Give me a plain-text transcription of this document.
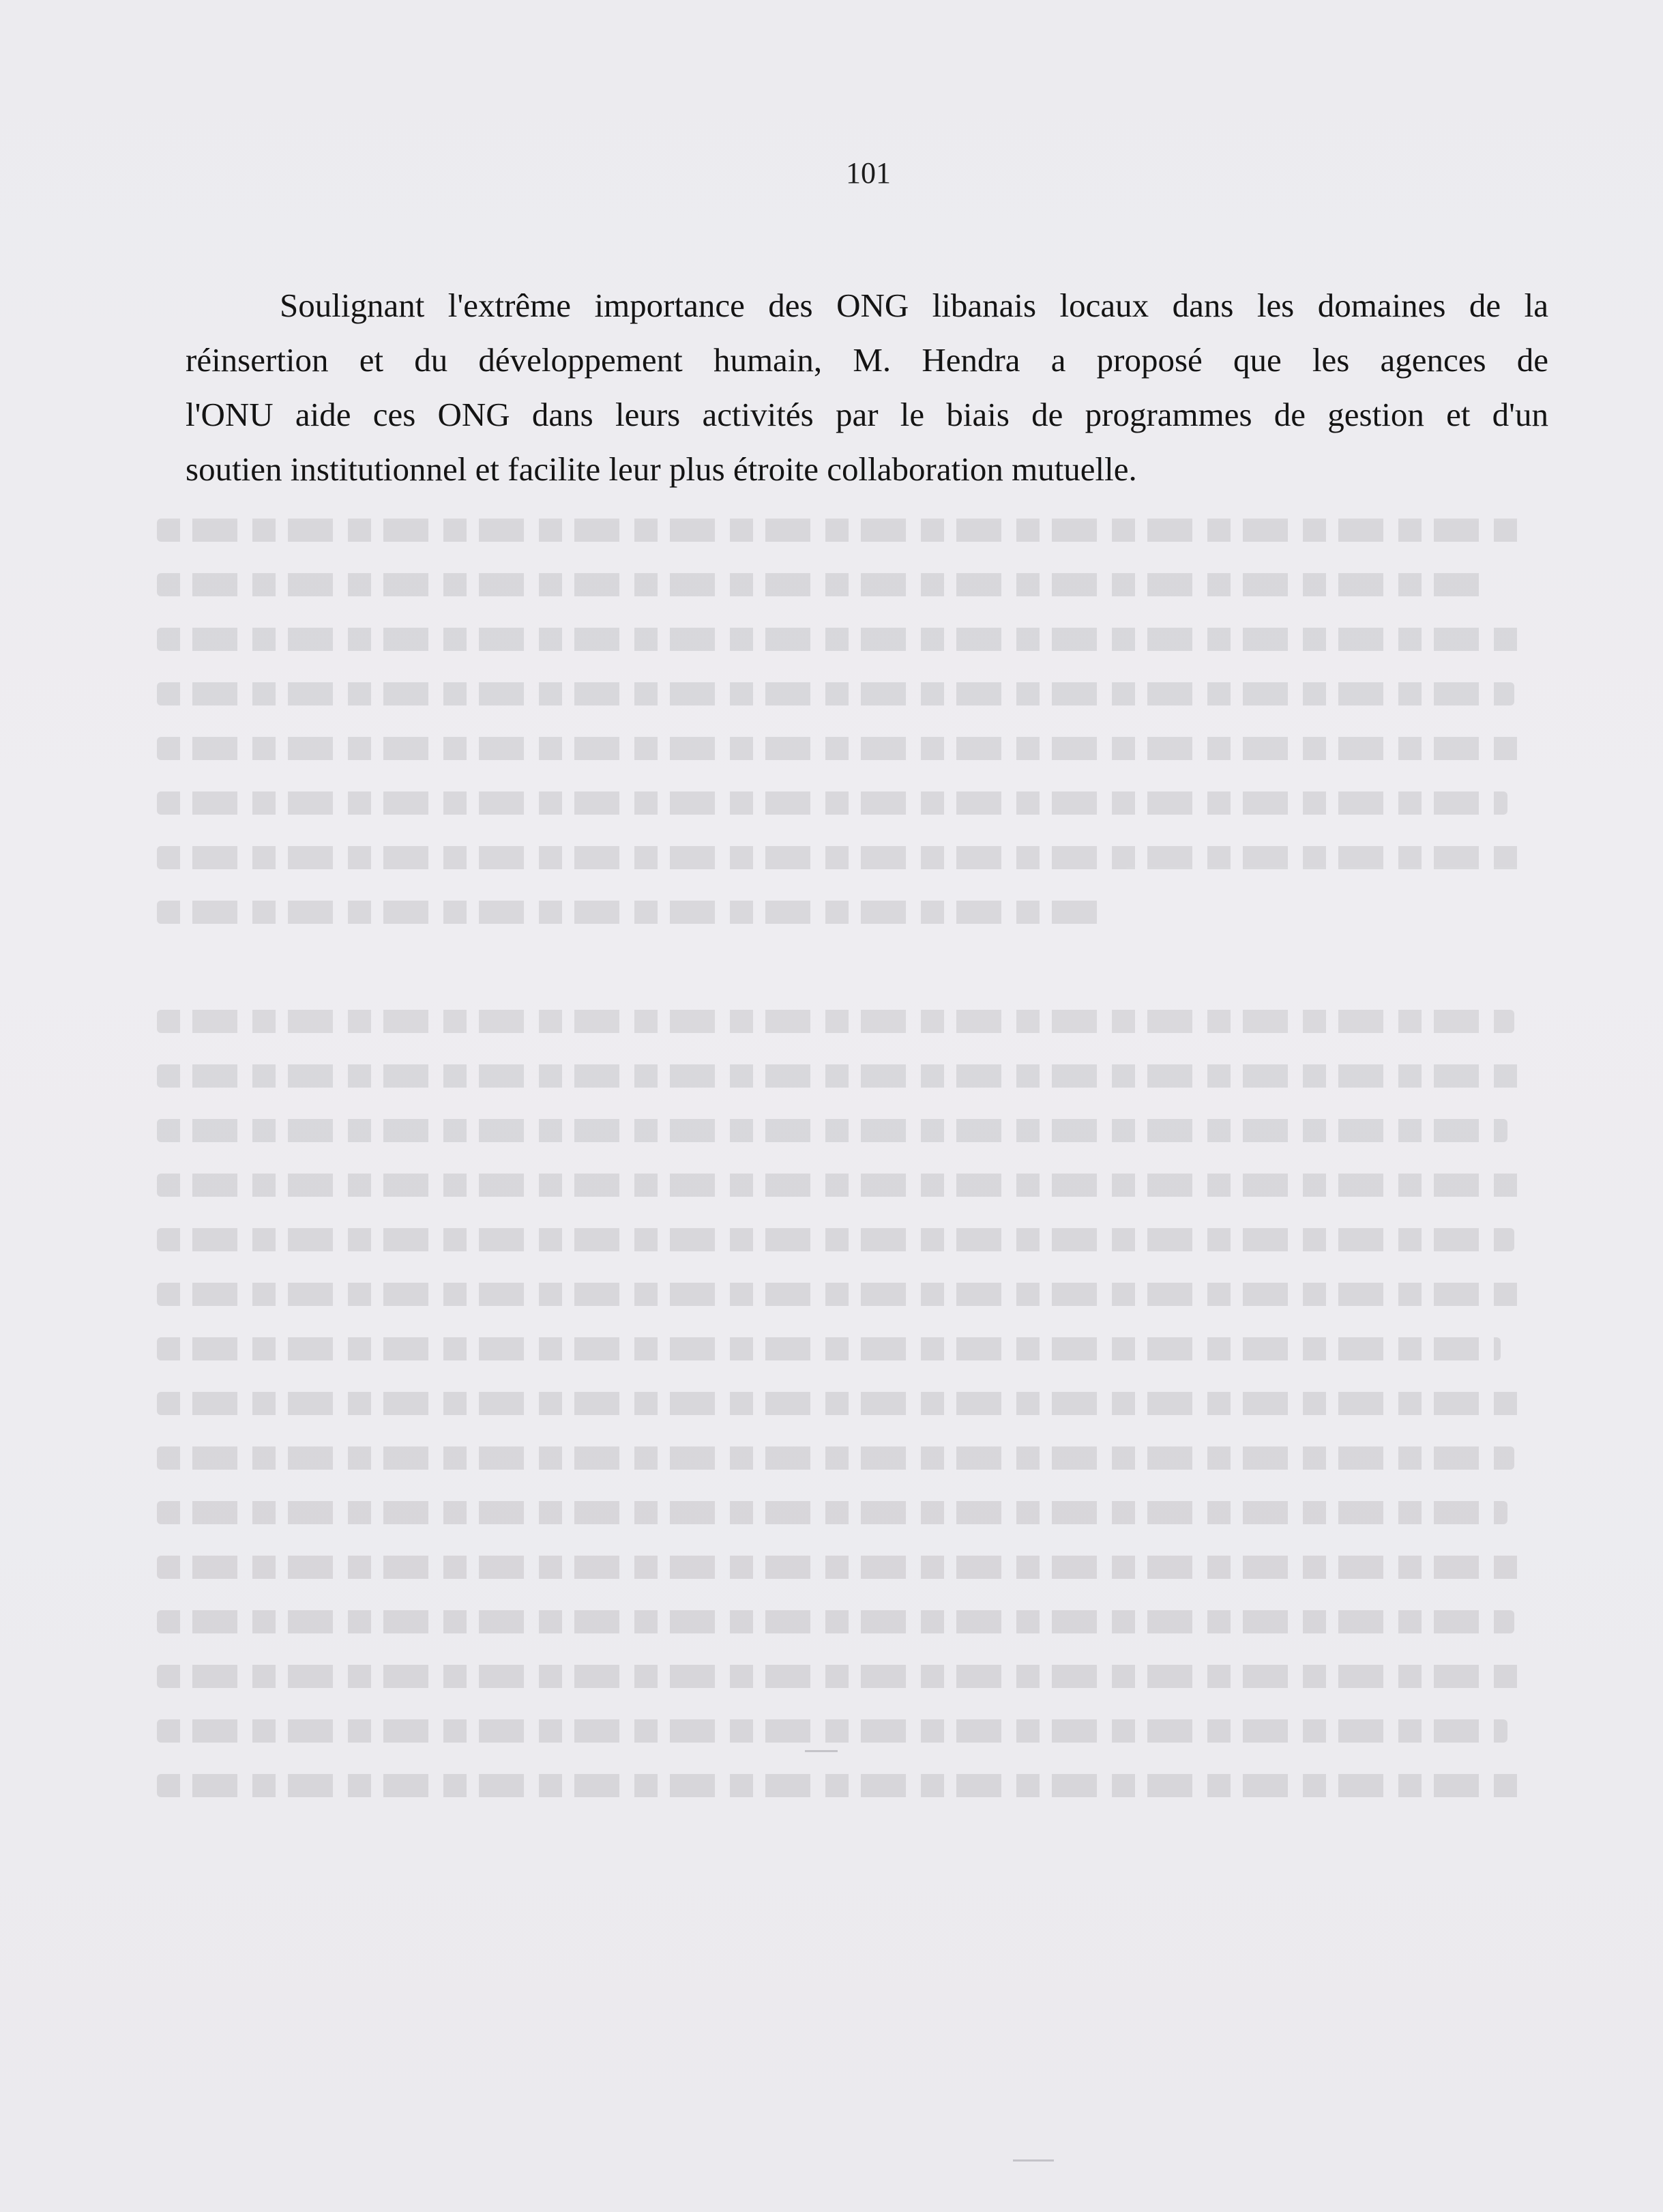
101
Soulignant l'extrême importance des ONG libanais locaux dans les domaines de la
réinsertion et du développement humain, M. Hendra a proposé que les agences de
l'ONU aide ces ONG dans leurs activités par le biais de programmes de gestion et d'un
soutien institutionnel et facilite leur plus étroite collaboration mutuelle.
